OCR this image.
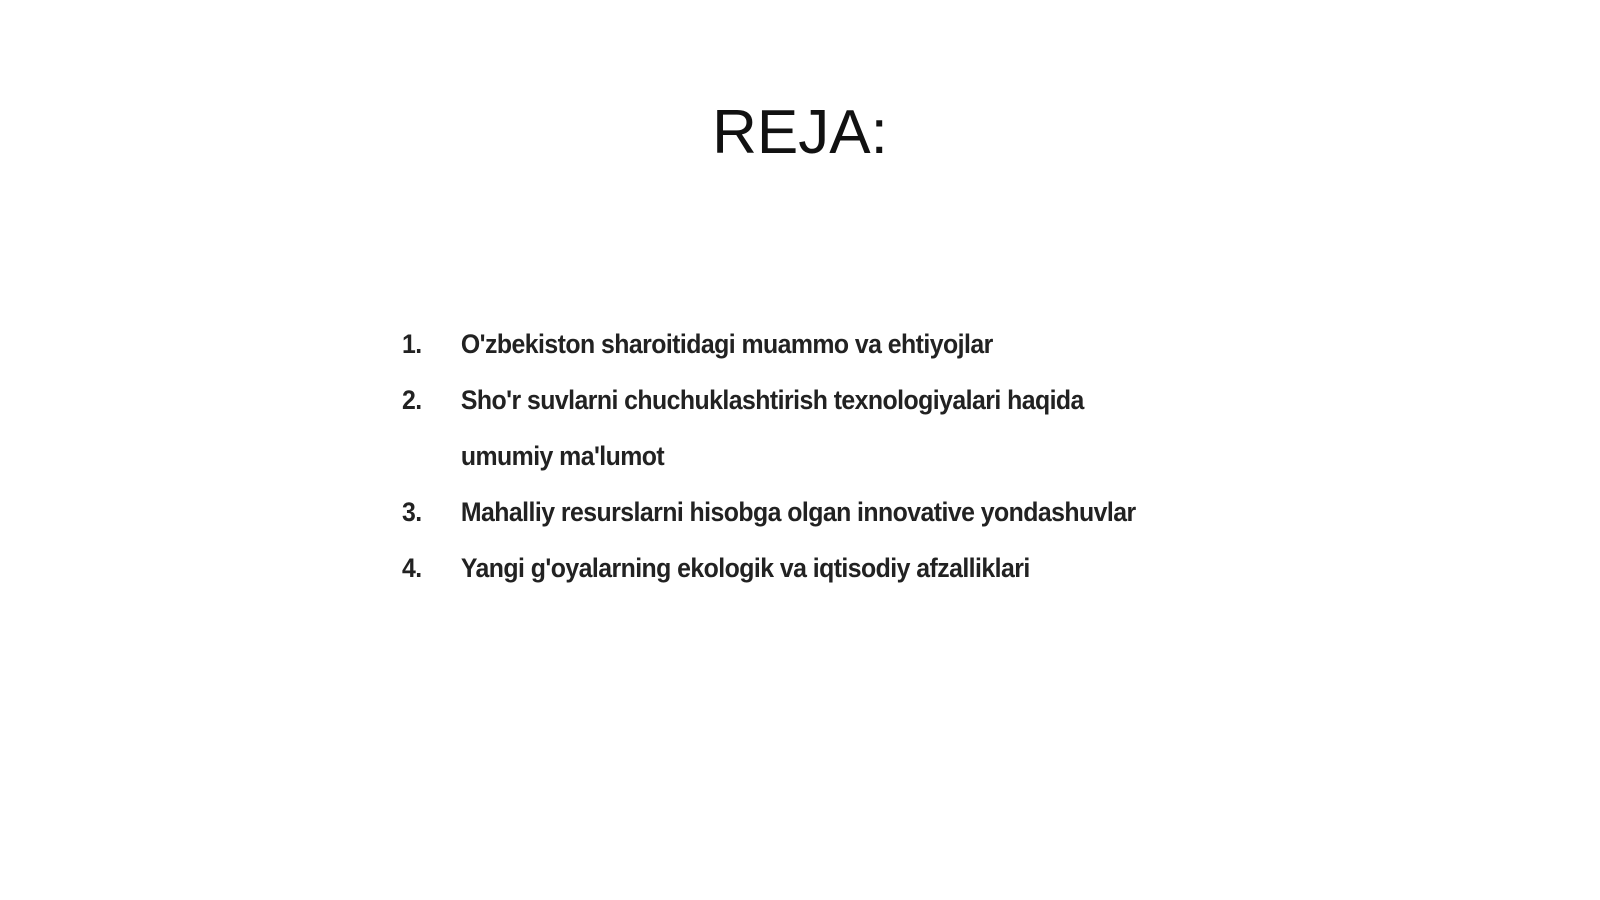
REJA:
1.	O'zbekiston sharoitidagi muammo va ehtiyojlar
2.	Sho'r suvlarni chuchuklashtirish texnologiyalari haqida umumiy ma'lumot
3.	Mahalliy resurslarni hisobga olgan innovative yondashuvlar
4.	Yangi g'oyalarning ekologik va iqtisodiy afzalliklari
